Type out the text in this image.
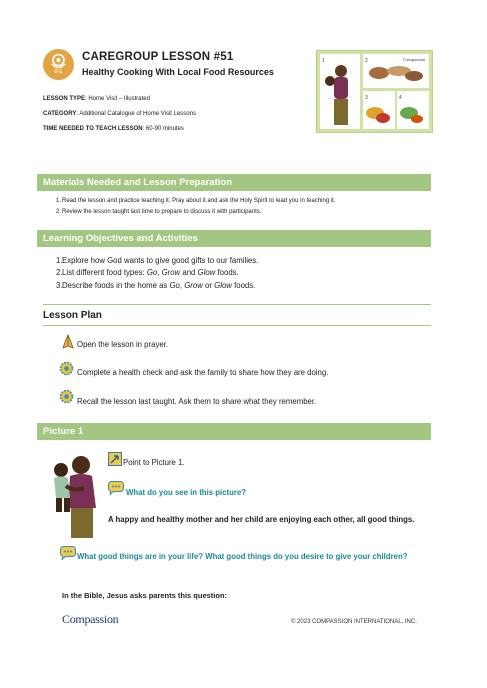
0-1
CAREGROUP LESSON #51
Healthy Cooking With Local Food Resources
LESSON TYPE: Home Visit – Illustrated
CATEGORY: Additional Catalogue of Home Visit Lessons
TIME NEEDED TO TEACH LESSON: 60-90 minutes
1	2
3	4
Compassion
Materials Needed and Lesson Preparation
1. Read the lesson and practice teaching it. Pray about it and ask the Holy Spirit to lead you in teaching it.
2. Review the lesson taught last time to prepare to discuss it with participants.
Learning Objectives and Activities
1. Explore how God wants to give good gifts to our families.
2. List different food types: Go, Grow and Glow foods.
3. Describe foods in the home as Go, Grow or Glow foods.
Lesson Plan
Open the lesson in prayer.
Complete a health check and ask the family to share how they are doing.
Recall the lesson last taught. Ask them to share what they remember.
Picture 1
Point to Picture 1.
What do you see in this picture?
A happy and healthy mother and her child are enjoying each other, all good things.
What good things are in your life? What good things do you desire to give your children?
In the Bible, Jesus asks parents this question:
Compassion	© 2023 COMPASSION INTERNATIONAL, INC.
